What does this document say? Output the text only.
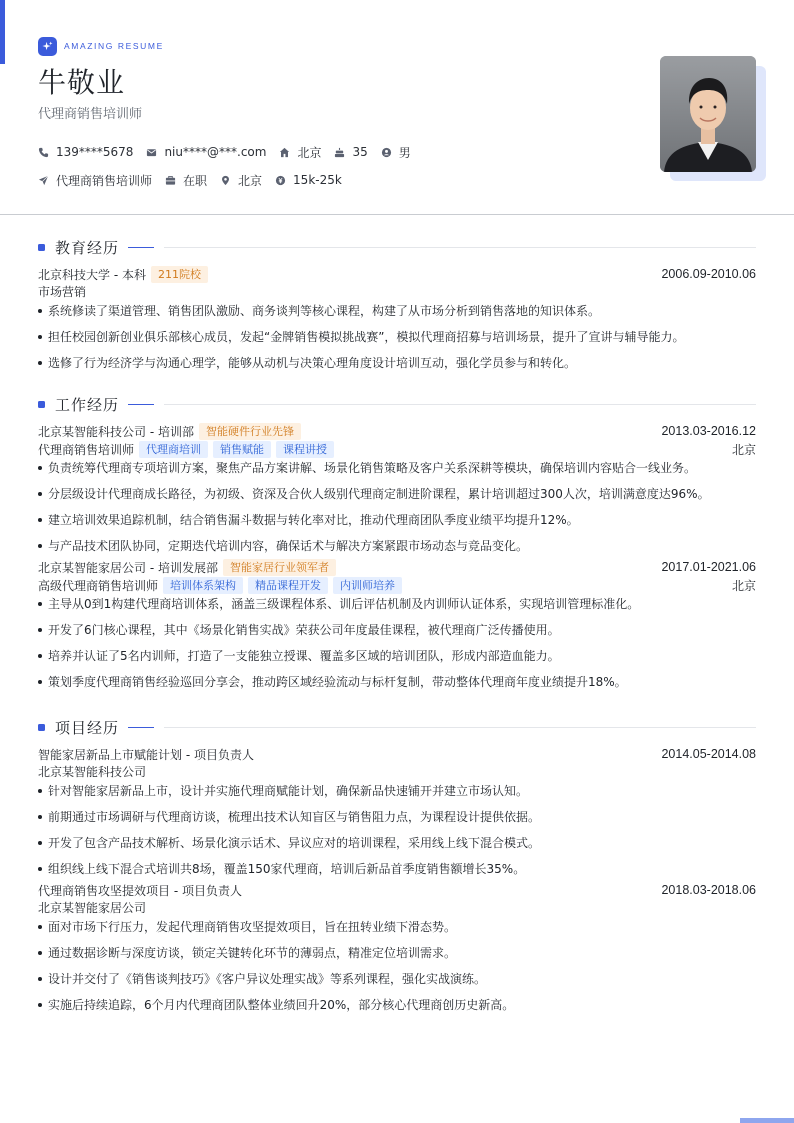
AMAZING RESUME
牛敬业
代理商销售培训师
139****5678	niu****@***.com	北京	35	男
代理商销售培训师	在职	北京	15k-25k
教育经历
北京科技大学 - 本科	211院校	2006.09-2010.06
市场营销
系统修读了渠道管理、销售团队激励、商务谈判等核心课程，构建了从市场分析到销售落地的知识体系。
担任校园创新创业俱乐部核心成员，发起“金牌销售模拟挑战赛”，模拟代理商招募与培训场景，提升了宣讲与辅导能力。
选修了行为经济学与沟通心理学，能够从动机与决策心理角度设计培训互动，强化学员参与和转化。
工作经历
北京某智能科技公司 - 培训部	智能硬件行业先锋	2013.03-2016.12
代理商销售培训师	代理商培训	销售赋能	课程讲授	北京
负责统筹代理商专项培训方案，聚焦产品方案讲解、场景化销售策略及客户关系深耕等模块，确保培训内容贴合一线业务。
分层级设计代理商成长路径，为初级、资深及合伙人级别代理商定制进阶课程，累计培训超过300人次，培训满意度达96%。
建立培训效果追踪机制，结合销售漏斗数据与转化率对比，推动代理商团队季度业绩平均提升12%。
与产品技术团队协同，定期迭代培训内容，确保话术与解决方案紧跟市场动态与竞品变化。
北京某智能家居公司 - 培训发展部	智能家居行业领军者	2017.01-2021.06
高级代理商销售培训师	培训体系架构	精品课程开发	内训师培养	北京
主导从0到1构建代理商培训体系，涵盖三级课程体系、训后评估机制及内训师认证体系，实现培训管理标准化。
开发了6门核心课程，其中《场景化销售实战》荣获公司年度最佳课程，被代理商广泛传播使用。
培养并认证了5名内训师，打造了一支能独立授课、覆盖多区域的培训团队，形成内部造血能力。
策划季度代理商销售经验巡回分享会，推动跨区域经验流动与标杆复制，带动整体代理商年度业绩提升18%。
项目经历
智能家居新品上市赋能计划 - 项目负责人	2014.05-2014.08
北京某智能科技公司
针对智能家居新品上市，设计并实施代理商赋能计划，确保新品快速铺开并建立市场认知。
前期通过市场调研与代理商访谈，梳理出技术认知盲区与销售阻力点，为课程设计提供依据。
开发了包含产品技术解析、场景化演示话术、异议应对的培训课程，采用线上线下混合模式。
组织线上线下混合式培训共8场，覆盖150家代理商，培训后新品首季度销售额增长35%。
代理商销售攻坚提效项目 - 项目负责人	2018.03-2018.06
北京某智能家居公司
面对市场下行压力，发起代理商销售攻坚提效项目，旨在扭转业绩下滑态势。
通过数据诊断与深度访谈，锁定关键转化环节的薄弱点，精准定位培训需求。
设计并交付了《销售谈判技巧》《客户异议处理实战》等系列课程，强化实战演练。
实施后持续追踪，6个月内代理商团队整体业绩回升20%，部分核心代理商创历史新高。
